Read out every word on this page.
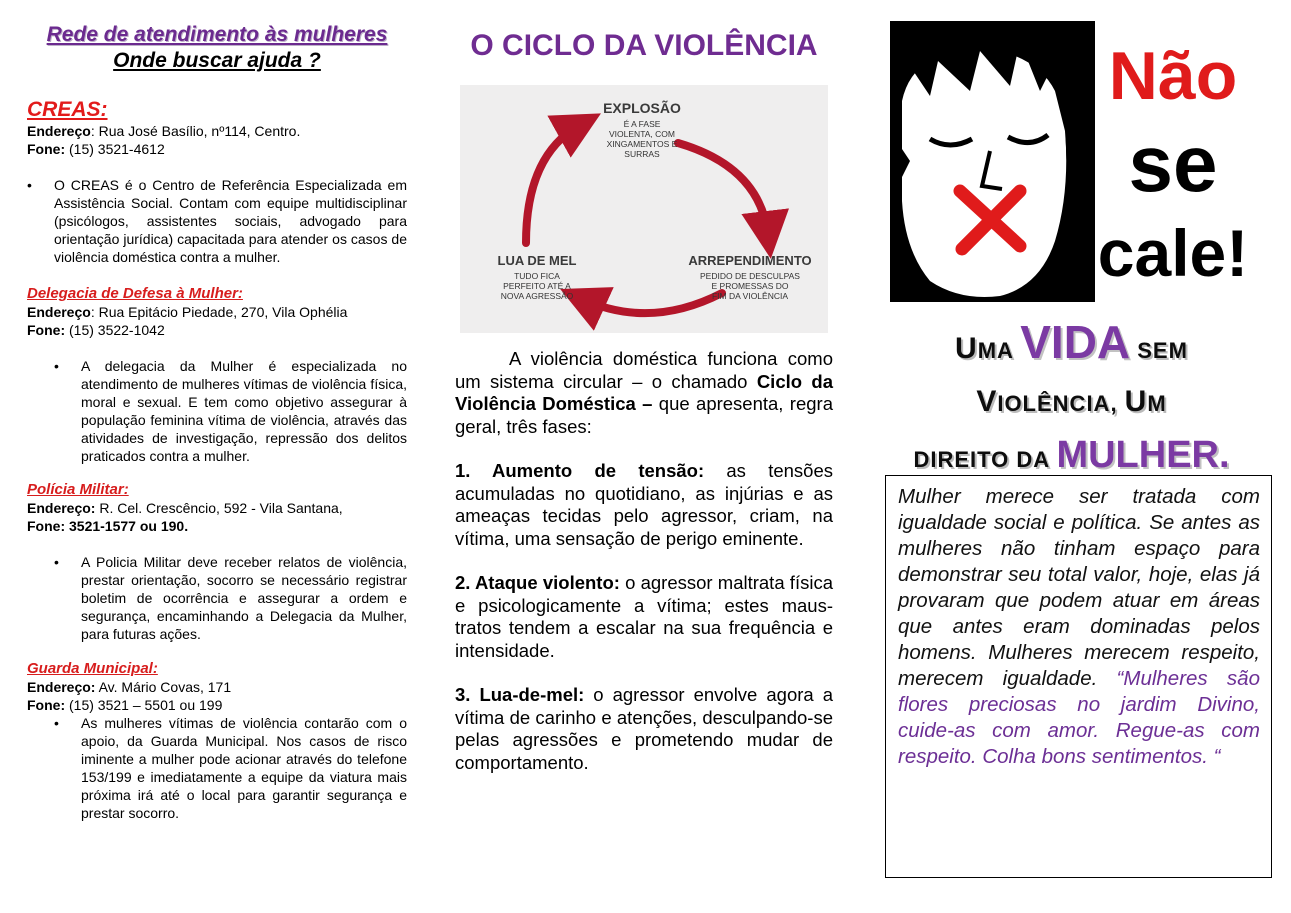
Rede de atendimento às mulheres
Onde buscar ajuda ?
CREAS:
Endereço: Rua José Basílio, nº114, Centro.
Fone: (15) 3521-4612
• O CREAS é o Centro de Referência Especializada em Assistência Social. Contam com equipe multidisciplinar (psicólogos, assistentes sociais, advogado para orientação jurídica) capacitada para atender os casos de violência doméstica contra a mulher.
Delegacia de Defesa à Mulher:
Endereço: Rua Epitácio Piedade, 270, Vila Ophélia
Fone: (15) 3522-1042
• A delegacia da Mulher é especializada no atendimento de mulheres vítimas de violência física, moral e sexual. E tem como objetivo assegurar à população feminina vítima de violência, através das atividades de investigação, repressão dos delitos praticados contra a mulher.
Polícia Militar:
Endereço: R. Cel. Crescêncio, 592 - Vila Santana,
Fone: 3521-1577 ou 190.
• A Policia Militar deve receber relatos de violência, prestar orientação, socorro se necessário registrar boletim de ocorrência e assegurar a ordem e segurança, encaminhando a Delegacia da Mulher, para futuras ações.
Guarda Municipal:
Endereço: Av. Mário Covas, 171
Fone: (15) 3521 – 5501 ou 199
• As mulheres vítimas de violência contarão com o apoio, da Guarda Municipal. Nos casos de risco iminente a mulher pode acionar através do telefone 153/199 e imediatamente a equipe da viatura mais próxima irá até o local para garantir segurança e prestar socorro.
O CICLO DA VIOLÊNCIA
EXPLOSÃO
É A FASE
VIOLENTA, COM
XINGAMENTOS E
SURRAS
ARREPENDIMENTO
PEDIDO DE DESCULPAS
E PROMESSAS DO
FIM DA VIOLÊNCIA
LUA DE MEL
TUDO FICA
PERFEITO ATÉ A
NOVA AGRESSÃO

A violência doméstica funciona como um sistema circular – o chamado Ciclo da Violência Doméstica – que apresenta, regra geral, três fases:

1. Aumento de tensão: as tensões acumuladas no quotidiano, as injúrias e as ameaças tecidas pelo agressor, criam, na vítima, uma sensação de perigo eminente.

2. Ataque violento: o agressor maltrata física e psicologicamente a vítima; estes maus-tratos tendem a escalar na sua frequência e intensidade.

3. Lua-de-mel: o agressor envolve agora a vítima de carinho e atenções, desculpando-se pelas agressões e prometendo mudar de comportamento.

Não
se
cale!
UMA VIDA SEM
VIOLÊNCIA, UM
DIREITO DA MULHER.
Mulher merece ser tratada com igualdade social e política. Se antes as mulheres não tinham espaço para demonstrar seu total valor, hoje, elas já provaram que podem atuar em áreas que antes eram dominadas pelos homens. Mulheres merecem respeito, merecem igualdade. “Mulheres são flores preciosas no jardim Divino, cuide-as com amor. Regue-as com respeito. Colha bons sentimentos. “
